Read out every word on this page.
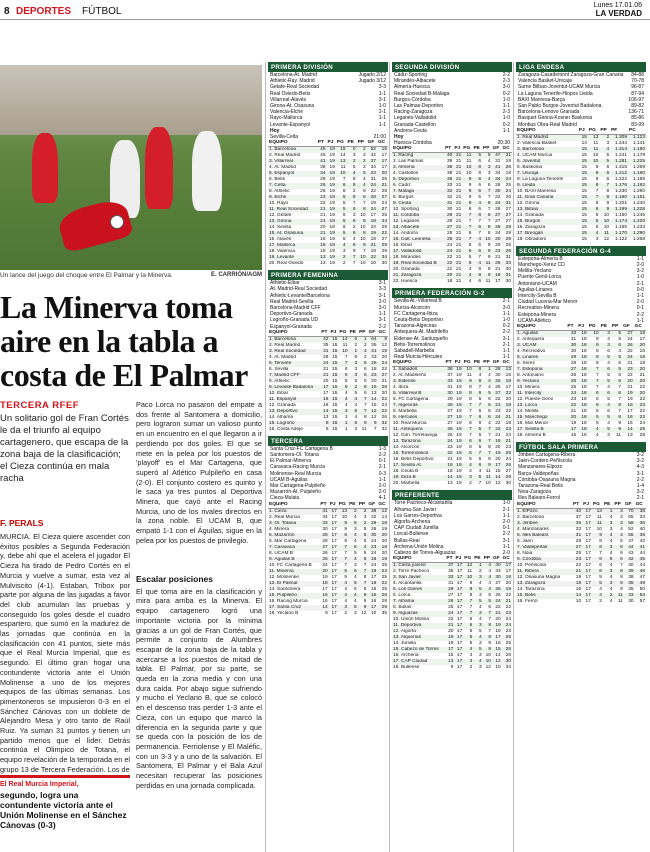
8 DEPORTES FÚTBOL
Lunes 17.01.06
LA VERDAD
Un lance del juego del choque entre El Palmar y la Minerva.	E. CARRIÓN/AGM
La Minerva toma aire en la tabla a costa de El Palmar
TERCERA RFEF
Un solitario gol de Fran Cortés le da el triunfo al equipo cartagenero, que escapa de la zona baja de la clasificación; el Cieza continúa en mala racha
F. PERALS
MURCIA. El Cieza quiere ascender con éxitos posibles a Segunda Federación y, debe ahí que el acelera el jugador El Cieza ha tirado de Pedro Cortés en el Murcia y vuelve a sumar, esta vez al Mulviscito (4-1). Estaban, Tribox por parte por alguna de las jugadas a favor del club acumulan las pruebas y conseguido los goles desde el cuadro espartero, que sumó en la madurez de las jornadas que continúa en la clasificación con 41 puntos, siete más que el Real Murcia Imperial, que es segundo. El último gran hogar una contundente victoria ante el Unión Molinense a uno de los mejores equipos de las últimas semanas. Los pimentoneros se impusieron 0-3 en el Sánchez Cánovas con un doblete de Alejandro Mesa y otro tanto de Raúl Ruiz. Ya suman 31 puntos y tienen un partido menos que el líder. Detrás continúa el Olimpico de Totana, el equipo revelación de la temporada en el grupo 13 de Tercera Federación. Los de
Paco Lorca no pasaron del empate a dos frente al Santomera a domicilio, pero lograron sumar un valioso punto en un encuentro en el que llegaron a ir perdiendo por dos goles. El que se mete en la pelea por los puestos de 'playoff' es el Mar Cartagena, que superó al Atlético Pulpileño en casa (2-0). El conjunto costero es quinto y le saca ya tres puntos al Deportiva Minera, que cayó ante el Racing Murcia, uno de los rivales directos en la zona noble. El UCAM B, que empató 1-1 con el Águilas, sigue en la pelea por los puestos de privilegio.
Escalar posiciones
El que toma aire en la clasificación y mira para arriba es la Minerva. El equipo cartagenero logró una importante victoria por la mínima gracias a un gol de Fran Cortés, que permite a conjunto de Alumbres escapar de la zona baja de la tabla y acercarse a los puestos de mitad de tabla. El Palmar, por su parte, se queda en la zona media y con una dura caída. Por abajo sigue sufriendo y mucho el Yeclano B, que se colocó en el descenso tras perder 1-3 ante el Cieza, con un equipo que marcó la diferencia en la segunda parte y que se queda con la posición de los de permanencia. Ferriolense y El Maléfic, con un 3-3 y a uno de la salvación. El Santomera, El Palmar y el Bala Azul necesitan recuperar las posiciones perdidas en una jornada complicada.
El Real Murcia Imperial,
segundo, logra una contundente victoria ante el Unión Molinense en el Sánchez Cánovas (0-3)
PRIMERA DIVISIÓN
Barcelona-At. Madrid	Jugado 2/12
Athletic-Ray. Madrid	Jugado 3/12
Getafe-Real Sociedad	3-3
Real Oviedo-Betis	1-1
Villarreal-Alavés	3-1
Girona-At. Osasuna	1-0
Valencia-Elche	2-1
Rayo-Mallorca	1-1
Levante-Espanyol	1-1
Hoy	
Sevilla-Celta	21:00
EQUIPO	PT	PJ	PG	PE	PP	GF	GC
1. Barcelona	45	19	15	0	2	52	16
2. Real Madrid	45	19	14	3	2	42	17
3. Villarreal	41	19	13	2	2	37	17
4. At. Madrid	38	19	11	5	3	34	17
5. Espanyol	34	19	10	4	5	23	20
6. Betis	29	19	7	8	4	31	25
7. Celta	26	19	6	8	4	24	21
8. Athletic	26	19	8	2	9	22	28
9. Elche	23	19	5	8	6	28	27
10. Rayo	22	19	5	7	7	19	24
11. Real Sociedad	21	19	5	6	8	24	27
12. Getafe	21	19	6	3	10	17	25
13. Girona	21	19	5	6	8	18	34
14. Sevilla	20	18	6	2	10	24	29
15. At. Osasuna	21	19	5	6	8	19	22
16. Alavés	18	19	5	4	10	18	27
17. Mallorca	18	19	4	6	9	21	29
18. Valencia	18	19	3	9	7	19	29
19. Levante	13	19	2	7	10	22	34
20. Real Oviedo	13	19	2	7	10	10	30
PRIMERA FEMENINA
Athletic-Eibar	3-1
At. Madrid-Real Sociedad	3-3
Athletic-Levante/Barcelona	3-1
Real Madrid-Sevilla	2-0
Barcelona-Madrid CFF	3-0
Deportivo-Granada	1-1
Logroño-Granada UD	3-1
Espanyol-Granada	2-2
EQUIPO	PT	PJ	PG	PE	PP	GF	GC
1. Barcelona	42	15	14	0	1	64	9
2. Real Madrid	35	15	11	2	2	35	12
3. Real Sociedad	31	15	10	1	4	31	19
4. At. Madrid	28	15	7	6	2	33	20
5. Tenerife	24	15	7	3	5	25	24
6. Sevilla	21	15	6	3	6	18	22
7. Madrid CFF	21	15	6	3	6	23	27
8. Athletic	20	15	5	5	5	20	21
9. Levante Badalona	17	15	5	2	8	15	28
10. Eibar	17	15	4	5	6	13	20
11. Espanyol	16	15	4	4	7	14	22
12. Granada	16	15	4	4	7	15	24
13. Deportivo	14	15	3	5	7	12	22
14. Alhama	13	15	3	4	8	12	26
15. Logroño	8	15	1	5	9	9	32
16. Costa Adeje	6	15	1	3	11	7	32
TERCERA
Santa Cruz-FC Cartagena B	1-3
Santomera-Ol. Totana	2-2
El Palmar-Minerva	0-1
Caravaca-Racing Murcia	2-1
Molinense-Real Murcia	0-3
UCAM B-Águilas	1-1
Mar Cartagena-Pulpileño	2-0
Mazarrón-At. Pulpileño	2-0
Cieza-Mulatu	4-1
EQUIPO	PT	PJ	PG	PE	PP	GF	GC
1. Cieza	41	17	13	2	2	38	12
2. Real Murcia	34	17	10	4	3	32	14
3. Ol. Totana	33	17	9	6	2	29	18
4. Minera	30	17	9	3	5	26	19
5. Mazarrón	28	17	8	4	5	30	20
6. Mar Cartagena	28	17	8	4	5	24	20
7. Caravaca	27	17	7	6	4	23	18
8. UCAM B	26	17	7	5	5	24	20
9. Águilas B	25	17	7	4	6	18	19
10. FC Cartagena B	24	17	7	3	7	24	25
11. Minerva	20	17	5	5	7	19	23
12. Molinense	19	17	5	4	8	17	25
13. El Palmar	18	17	4	6	7	19	22
14. Santomera	17	17	4	5	8	16	25
15. Pulpileño	16	17	4	4	9	15	26
16. Racing Murcia	16	17	4	4	9	16	28
17. Santa Cruz	14	17	3	5	9	17	29
18. Yeclano B	9	17	2	3	12	10	35
SEGUNDA DIVISIÓN
Cádiz-Sporting	2-2
Mirandés-Albacete	2-3
Almería-Huesca	3-0
Real Sociedad B-Málaga	0-2
Burgos-Córdoba	1-0
Las Palmas-Deportivo	1-1
Racing-Zaragoza	2-3
Leganés-Valladolid	1-0
Granada-Castellón	0-2
Andorra-Ceuta	1-1
Hoy	
Huesca-Córdoba	20:30
EQUIPO	PT	PJ	PG	PE	PP	GF	GC
1. Racing	40	21	11	5	5	47	31
2. Las Palmas	39	21	11	6	4	31	19
3. Almería	38	21	10	8	3	41	26
4. Castellón	38	21	10	8	3	34	18
5. Deportivo	35	21	9	8	4	34	24
6. Cádiz	33	21	9	6	6	26	25
7. Málaga	32	21	9	5	7	30	24
8. Burgos	32	21	9	5	7	22	20
9. Ceuta	31	21	9	4	8	24	31
10. Sporting	30	21	8	6	7	28	27
11. Córdoba	29	21	7	8	6	27	27
12. Leganés	28	21	7	7	7	27	27
13. Albacete	27	21	7	6	8	26	28
14. Andorra	25	21	6	7	8	24	28
15. Cult. Leonesa	25	21	7	4	10	20	29
16. Eibar	24	21	6	6	9	20	25
17. Valladolid	24	21	6	6	9	23	28
18. Mirandés	22	21	5	7	9	21	31
19. Real Sociedad B	22	21	6	4	11	25	33
20. Granada	21	21	4	9	8	21	30
21. Zaragoza	20	21	4	8	9	19	31
22. Huesca	18	21	4	6	11	17	30
PRIMERA FEDERACIÓN G-2
Sevilla At.-Villarreal B	2-1
Murcia-Alcorcón	3-0
FC Cartagena-Ibiza	1-1
Ceuta-Betis Deportivo	1-0
Tarazona-Algeciras	0-2
Antequera-At. Madrileño	2-2
Eldense-At. Sanluqueño	3-1
Betis-Torremolinos	2-1
Sabadell-Marbella	1-1
Real Murcia-Hércules	1-1
EQUIPO	PT	PJ	PG	PE	PP	GF	GC
1. Sabadell	38	19	10	8	1	28	13
2. At. Madrileño	37	19	11	4	4	30	16
3. Eldense	33	19	9	6	4	25	18
4. Ibiza	31	19	8	7	4	26	17
5. Villarreal B	30	19	8	6	5	27	22
6. FC Cartagena	29	19	8	5	6	22	20
7. Algeciras	28	19	7	7	5	21	18
8. Marbella	27	19	7	6	6	23	22
9. Hércules	27	19	7	6	6	24	21
10. Real Murcia	27	19	6	9	4	22	18
11. Antequera	26	19	7	5	7	22	23
12. Gim. Torrelavega	26	19	7	5	7	21	24
13. Tarazona	24	19	6	6	7	18	21
14. Alcorcón	23	19	6	5	8	20	23
15. Torremolinos	22	19	5	7	7	19	25
16. Betis Deportivo	21	19	5	6	8	20	24
17. Sevilla At.	18	19	4	6	9	17	26
18. Ceuta B	16	19	4	4	11	15	27
19. Ibiza B	14	19	3	5	11	14	29
20. Marbella	13	19	2	7	10	12	30
PREFERENTE
Torre Pacheco-Alcantarilla	1-0
Alhama-San Javier	2-1
Los Garres-Deportiva	1-1
Algorfa-Archena	2-0
CAP Ciudad Jumilla	0-1
Lorcal-Bullense	2-2
Bullas-Real	3-1
Archena-Unión Molina	1-1
Cabezo de Torres-Alguazas	2-0
EQUIPO	PT	PJ	PG	PE	PP	GF	GC
1. Cieza juvenil	37	17	12	1	4	40	17
2. Torre Pacheco	35	17	11	2	4	33	17
3. San Javier	33	17	10	3	4	30	18
4. Alcantarilla	31	17	9	4	4	27	20
5. Los Garres	29	17	8	5	4	26	19
6. Lorca	27	17	8	3	6	25	22
7. Alhama	26	17	7	5	5	24	21
8. Bullas	25	17	7	4	6	22	22
9. Alguazas	24	17	7	3	7	21	23
10. Unión Molina	22	17	6	4	7	20	24
11. Deportiva	21	17	6	3	8	19	24
12. Algorfa	20	17	5	5	7	18	23
13. Alquerías	19	17	5	4	8	17	25
14. Jumilla	18	17	5	3	9	16	25
15. Cabezo de Torres	17	17	4	5	8	15	26
16. Archena	15	17	4	3	10	14	28
17. CAP Ciudad	13	17	3	4	10	12	30
18. Bullense	9	17	2	3	12	10	34
LIGA ENDESA
Zaragoza-Casademont Zaragoza-Gran Canaria	84-88
Valencia Basket-Unicaja	70-78
Surne Bilbao-Joventut-UCAM Murcia	96-87
La Laguna Tenerife-Hiopos Lleida	87-94
BAXI Manresa-Barça	106-97
San Pablo Burgos-Joventut Badalona	89-82
Barcelona-Lenovo Granada	136-71
Basquet Girona-Kosner Baskonia	85-86
Monbus Obra-Real Madrid	83-99
EQUIPO	PJ	PG	PP	PF	PC
1. Real Madrid	15	13	2	1.309	1.123
2. Valencia Basket	14	11	3	1.244	1.141
3. Barcelona	15	11	4	1.314	1.190
4. UCAM Murcia	15	10	5	1.241	1.179
5. Joventut	15	10	5	1.281	1.225
6. Baskonia	15	9	6	1.315	1.269
7. Unicaja	15	9	6	1.212	1.160
8. La Laguna Tenerife	15	9	6	1.222	1.188
9. Lleida	15	8	7	1.176	1.192
10. BAXI Manresa	15	7	8	1.230	1.260
11. Gran Canaria	15	7	8	1.160	1.151
12. Girona	15	6	9	1.201	1.240
13. Bilbao	15	6	9	1.199	1.228
14. Granada	15	5	10	1.150	1.245
15. Burgos	15	5	10	1.174	1.220
16. Zaragoza	15	5	10	1.165	1.233
17. Breogán	15	4	11	1.170	1.290
18. Obradoiro	15	3	12	1.122	1.268
SEGUNDA FEDERACIÓN G-4
Estepona-Almería B	1-1
Manchego-Xerez CD	2-0
Melilla-Yeclano	3-2
Puente Genil-Lorca	1-0
Antoniano-UCAM	2-1
Águilas-Linares	0-0
Intercity-Sevilla B	1-1
Ciudad Lucena-Mar Menor	2-0
Recreativo-Minera	0-1
Estepona-Minera	2-2
UCAM-Atlético	1-1
EQUIPO	PT	PJ	PG	PE	PP	GF	GC
1. Águilas	33	18	10	3	5	27	18
2. Antequera	31	18	9	4	5	24	17
3. UCAM	30	18	9	3	6	26	20
4. Recreativo	30	18	8	6	4	22	16
5. Linares	29	18	8	5	5	24	19
6. Xerez	28	18	8	4	6	21	18
7. Estepona	27	18	7	6	5	23	20
8. Antoniano	26	18	7	5	6	22	21
9. Yeclano	26	18	7	5	6	20	20
10. Minera	25	18	7	4	7	21	22
11. Intercity	24	18	6	6	6	19	20
12. Puente Genil	23	18	6	5	7	19	22
13. Lorca	22	18	6	4	8	18	23
14. Melilla	21	18	5	6	7	17	22
15. Manchego	20	18	5	5	8	16	23
16. Mar Menor	19	18	5	4	9	15	24
17. Sevilla B	17	18	4	5	9	14	25
18. Almería B	15	18	4	3	11	13	28
FÚTBOL SALA PRIMERA
Jimbee Cartagena-Ribera	3-2
Jaén-Cordero Peñíscola	3-2
Manzanares-Elpozo	4-3
Barça-Valdepeñas	3-1
Córdoba-Osasuna Magna	2-2
Tarazona-Real Betis	1-4
Noia-Zaragoza	3-2
Illes Balears-Ferrol	2-1
EQUIPO	PT	PJ	PG	PE	PP	GF	GC
1. ElPozo	40	17	13	1	3	70	38
2. Barcelona	37	17	11	4	2	65	33
3. Jimbee	36	17	11	3	3	58	36
4. Manzanares	33	17	10	3	4	52	40
5. Illes Balears	31	17	9	4	4	55	38
6. Jaén	28	17	8	4	5	47	42
7. Valdepeñas	27	17	8	3	6	44	41
8. Noia	25	17	7	4	6	43	44
9. Córdoba	23	17	6	5	6	42	45
10. Peñíscola	22	17	6	4	7	40	44
11. Ribera	21	17	6	3	8	39	46
12. Osasuna Magna	19	17	5	4	8	38	47
13. Zaragoza	18	17	5	3	9	36	48
14. Tarazona	16	17	4	4	9	35	50
15. Betis	14	17	4	2	11	33	53
16. Ferrol	10	17	2	4	11	30	57
